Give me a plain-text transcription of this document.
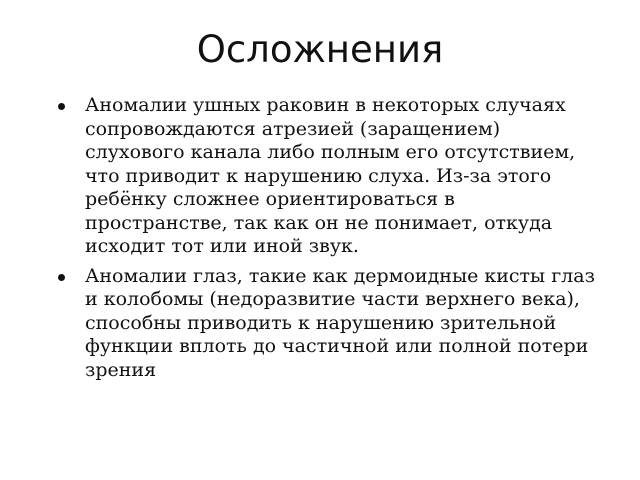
Осложнения
Аномалии ушных раковин в некоторых случаях сопровождаются атрезией (заращением) слухового канала либо полным его отсутствием, что приводит к нарушению слуха. Из-за этого ребёнку сложнее ориентироваться в пространстве, так как он не понимает, откуда исходит тот или иной звук.
Аномалии глаз, такие как дермоидные кисты глаз и колобомы (недоразвитие части верхнего века), способны приводить к нарушению зрительной функции вплоть до частичной или полной потери зрения
